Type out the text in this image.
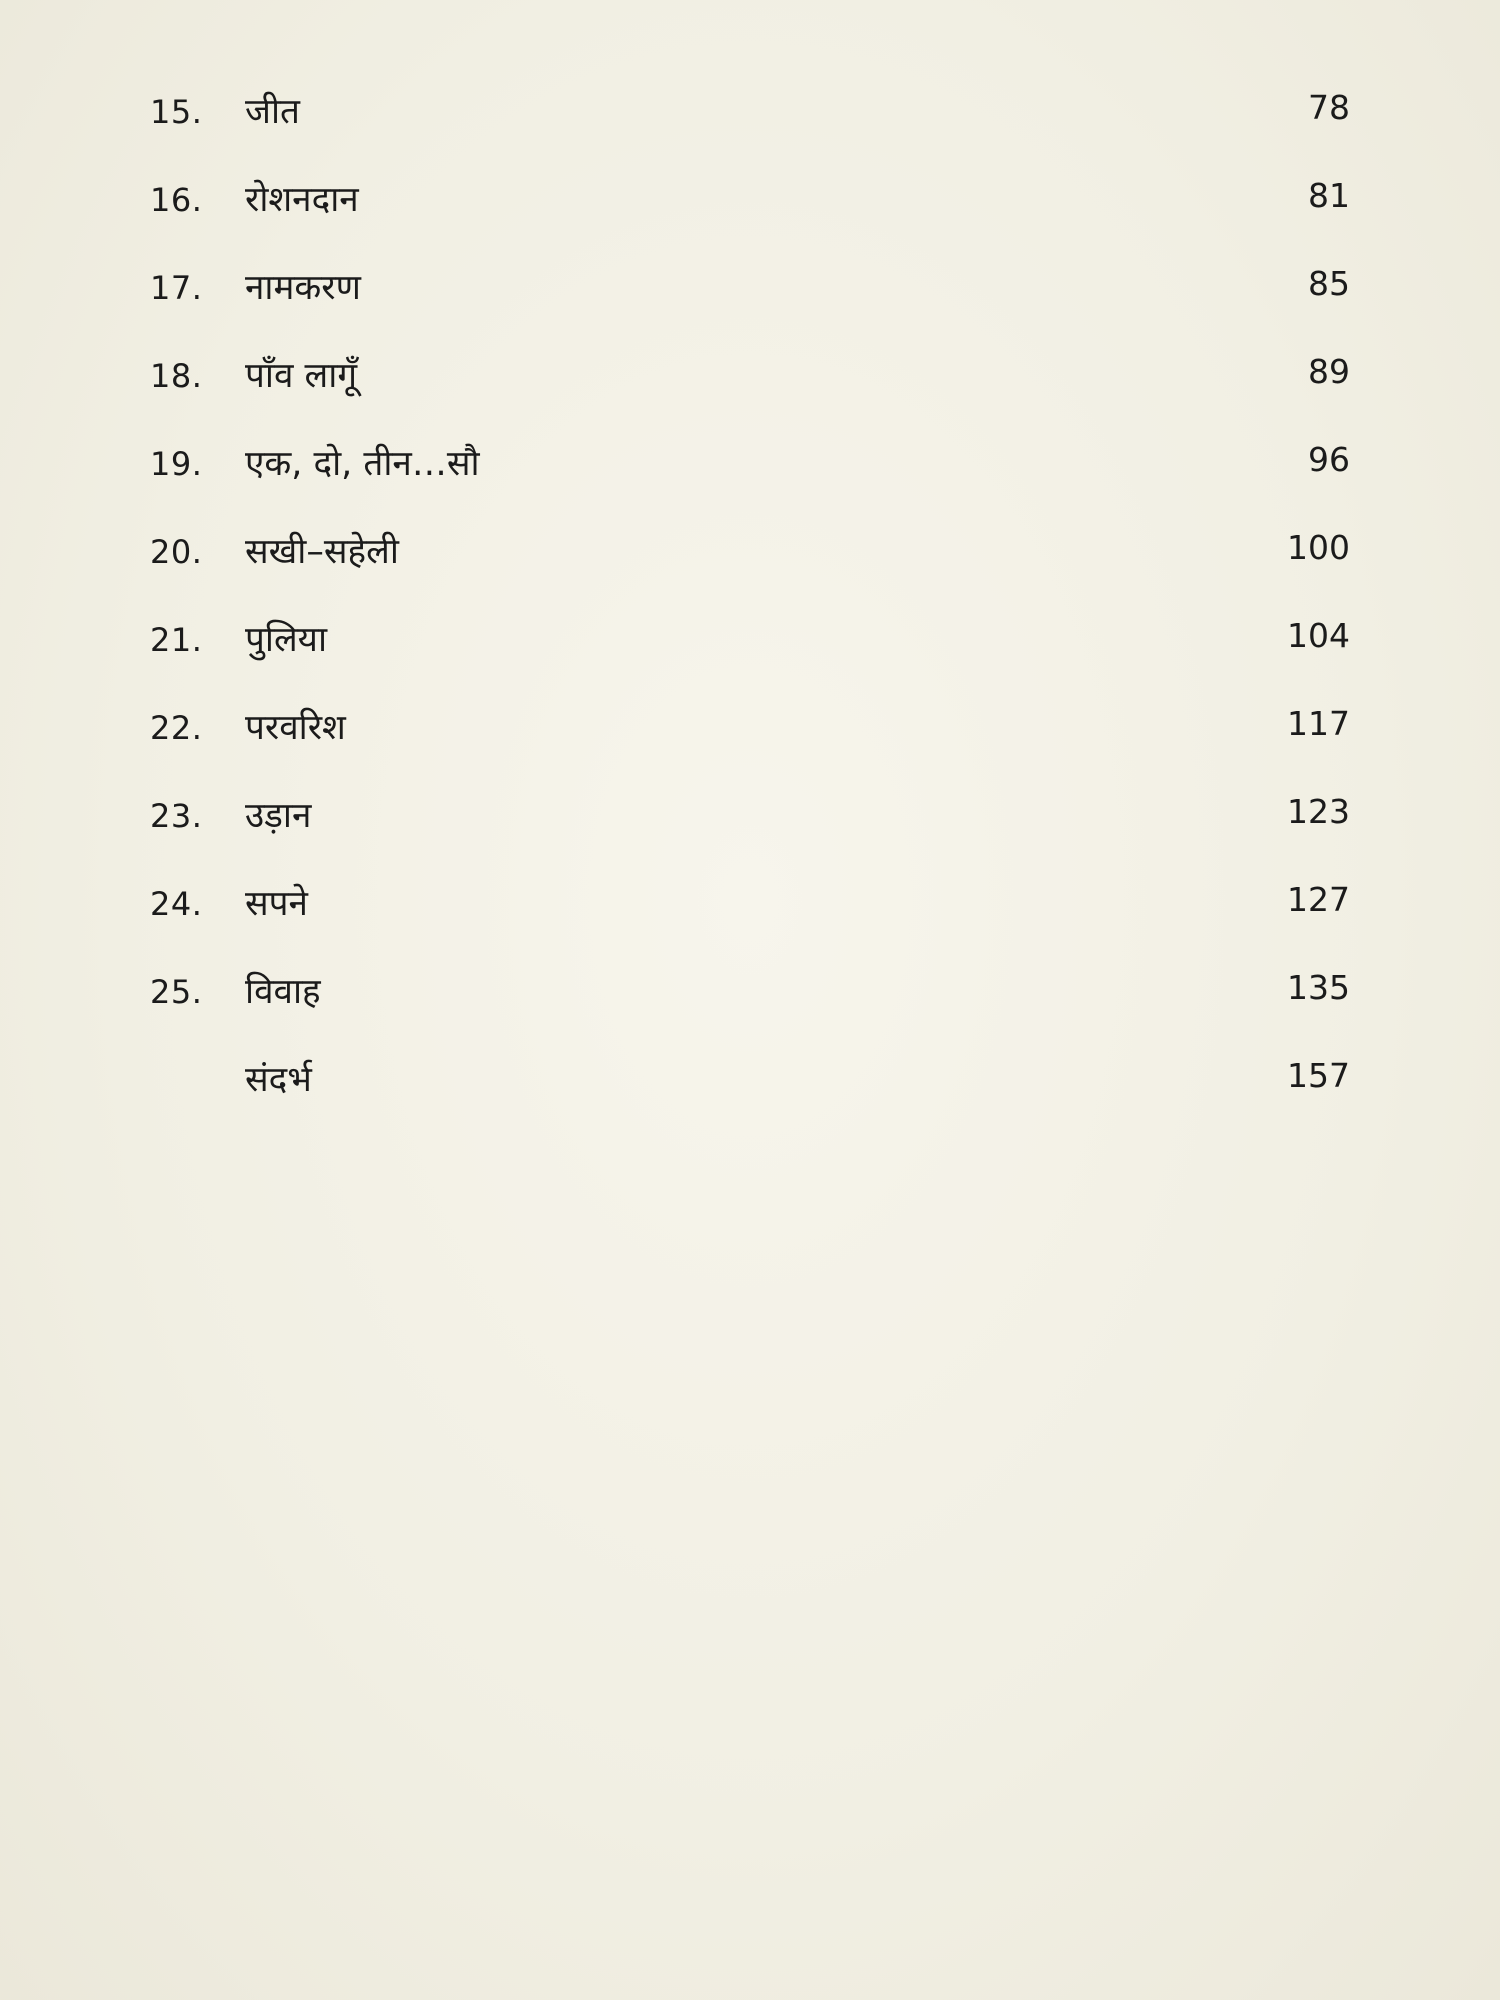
15.	जीत	78
16.	रोशनदान	81
17.	नामकरण	85
18.	पाँव लागूँ	89
19.	एक, दो, तीन…सौ	96
20.	सखी–सहेली	100
21.	पुलिया	104
22.	परवरिश	117
23.	उड़ान	123
24.	सपने	127
25.	विवाह	135
संदर्भ	157
